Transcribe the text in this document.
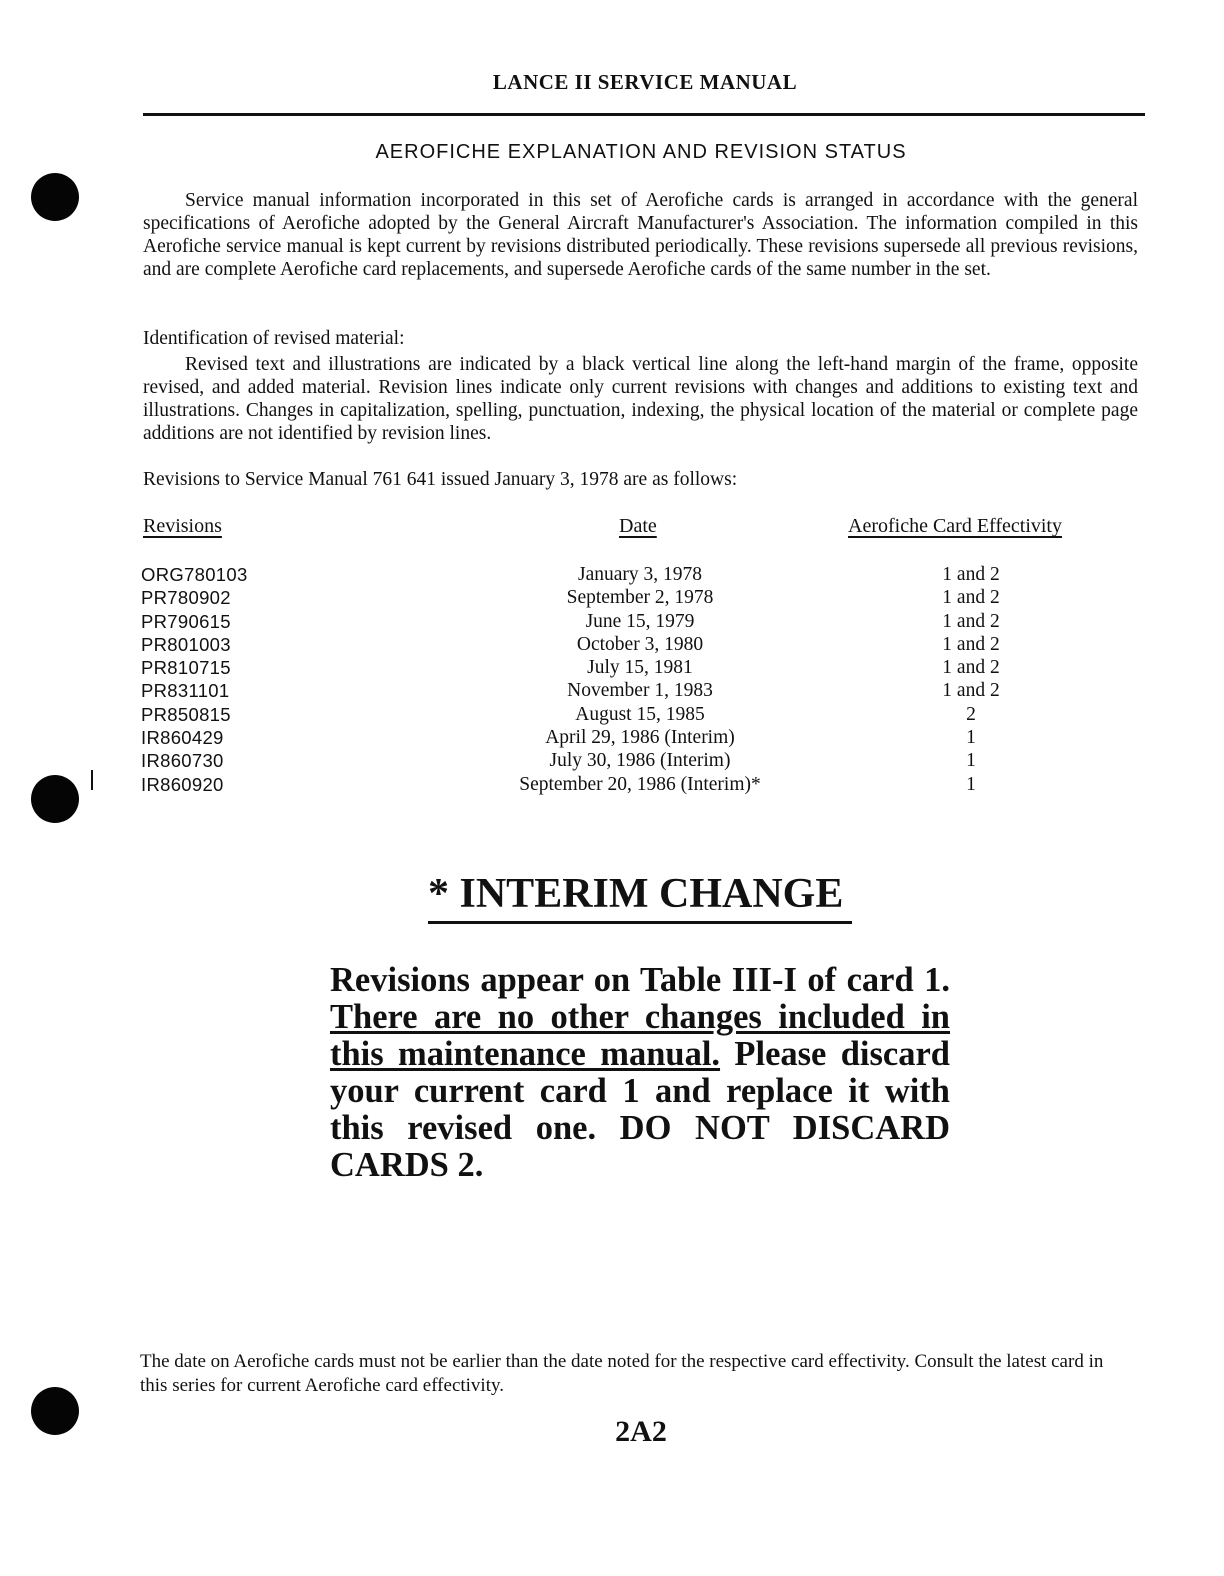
LANCE II SERVICE MANUAL
AEROFICHE EXPLANATION AND REVISION STATUS

Service manual information incorporated in this set of Aerofiche cards is arranged in accordance with the general specifications of Aerofiche adopted by the General Aircraft Manufacturer's Association. The information compiled in this Aerofiche service manual is kept current by revisions distributed periodically. These revisions supersede all previous revisions, and are complete Aerofiche card replacements, and supersede Aerofiche cards of the same number in the set.

Identification of revised material:

Revised text and illustrations are indicated by a black vertical line along the left-hand margin of the frame, opposite revised, and added material. Revision lines indicate only current revisions with changes and additions to existing text and illustrations. Changes in capitalization, spelling, punctuation, indexing, the physical location of the material or complete page additions are not identified by revision lines.

Revisions to Service Manual 761 641 issued January 3, 1978 are as follows:

Revisions	Date	Aerofiche Card Effectivity
ORG780103	January 3, 1978	1 and 2
PR780902	September 2, 1978	1 and 2
PR790615	June 15, 1979	1 and 2
PR801003	October 3, 1980	1 and 2
PR810715	July 15, 1981	1 and 2
PR831101	November 1, 1983	1 and 2
PR850815	August 15, 1985	2
IR860429	April 29, 1986 (Interim)	1
IR860730	July 30, 1986 (Interim)	1
IR860920	September 20, 1986 (Interim)*	1
* INTERIM CHANGE

Revisions appear on Table III-I of card 1. There are no other changes included in this maintenance manual. Please discard your current card 1 and replace it with this revised one. DO NOT DISCARD CARDS 2.

The date on Aerofiche cards must not be earlier than the date noted for the respective card effectivity. Consult the latest card in this series for current Aerofiche card effectivity.

2A2
